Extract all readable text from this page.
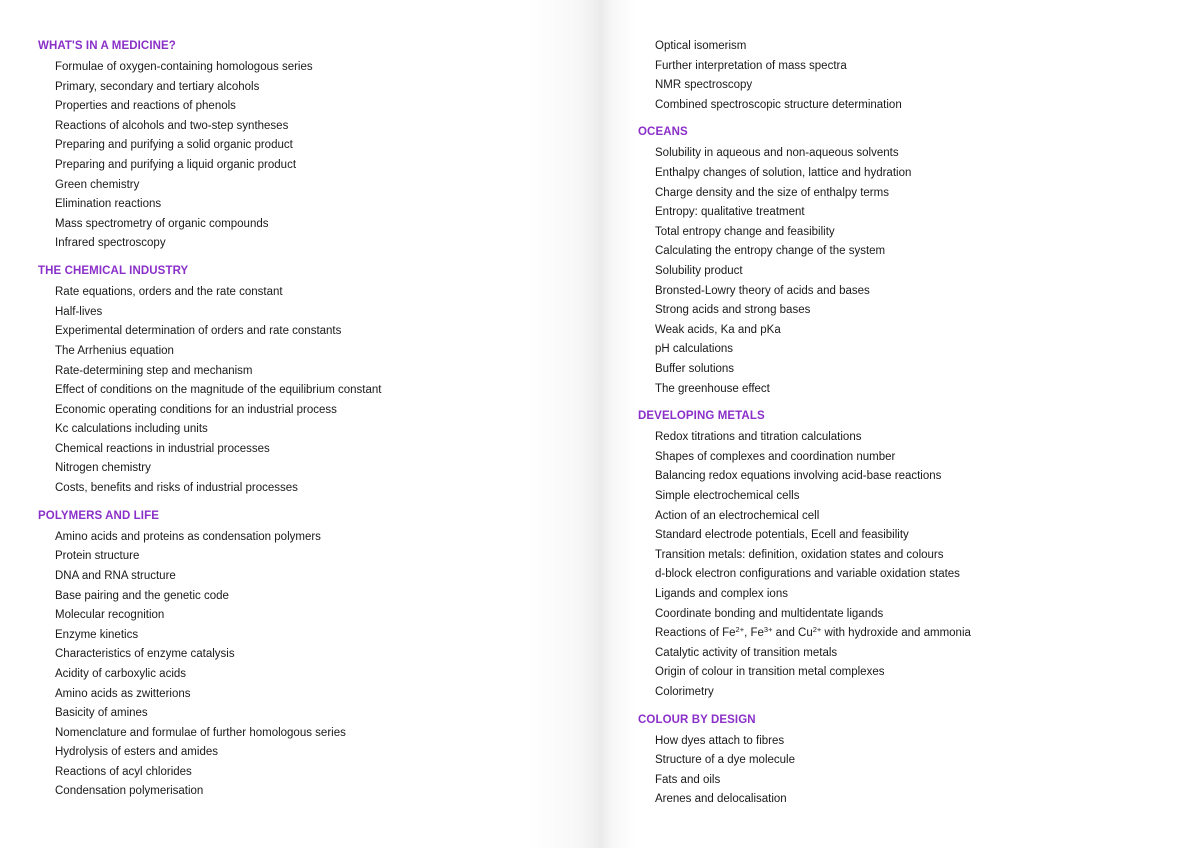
WHAT'S IN A MEDICINE?
Formulae of oxygen-containing homologous series
Primary, secondary and tertiary alcohols
Properties and reactions of phenols
Reactions of alcohols and two-step syntheses
Preparing and purifying a solid organic product
Preparing and purifying a liquid organic product
Green chemistry
Elimination reactions
Mass spectrometry of organic compounds
Infrared spectroscopy
THE CHEMICAL INDUSTRY
Rate equations, orders and the rate constant
Half-lives
Experimental determination of orders and rate constants
The Arrhenius equation
Rate-determining step and mechanism
Effect of conditions on the magnitude of the equilibrium constant
Economic operating conditions for an industrial process
Kc calculations including units
Chemical reactions in industrial processes
Nitrogen chemistry
Costs, benefits and risks of industrial processes
POLYMERS AND LIFE
Amino acids and proteins as condensation polymers
Protein structure
DNA and RNA structure
Base pairing and the genetic code
Molecular recognition
Enzyme kinetics
Characteristics of enzyme catalysis
Acidity of carboxylic acids
Amino acids as zwitterions
Basicity of amines
Nomenclature and formulae of further homologous series
Hydrolysis of esters and amides
Reactions of acyl chlorides
Condensation polymerisation
Optical isomerism
Further interpretation of mass spectra
NMR spectroscopy
Combined spectroscopic structure determination
OCEANS
Solubility in aqueous and non-aqueous solvents
Enthalpy changes of solution, lattice and hydration
Charge density and the size of enthalpy terms
Entropy: qualitative treatment
Total entropy change and feasibility
Calculating the entropy change of the system
Solubility product
Bronsted-Lowry theory of acids and bases
Strong acids and strong bases
Weak acids, Ka and pKa
pH calculations
Buffer solutions
The greenhouse effect
DEVELOPING METALS
Redox titrations and titration calculations
Shapes of complexes and coordination number
Balancing redox equations involving acid-base reactions
Simple electrochemical cells
Action of an electrochemical cell
Standard electrode potentials, Ecell and feasibility
Transition metals: definition, oxidation states and colours
d-block electron configurations and variable oxidation states
Ligands and complex ions
Coordinate bonding and multidentate ligands
Reactions of $Fe^{2+}$, $Fe^{3+}$ and $Cu^{2+}$ with hydroxide and ammonia
Catalytic activity of transition metals
Origin of colour in transition metal complexes
Colorimetry
COLOUR BY DESIGN
How dyes attach to fibres
Structure of a dye molecule
Fats and oils
Arenes and delocalisation
